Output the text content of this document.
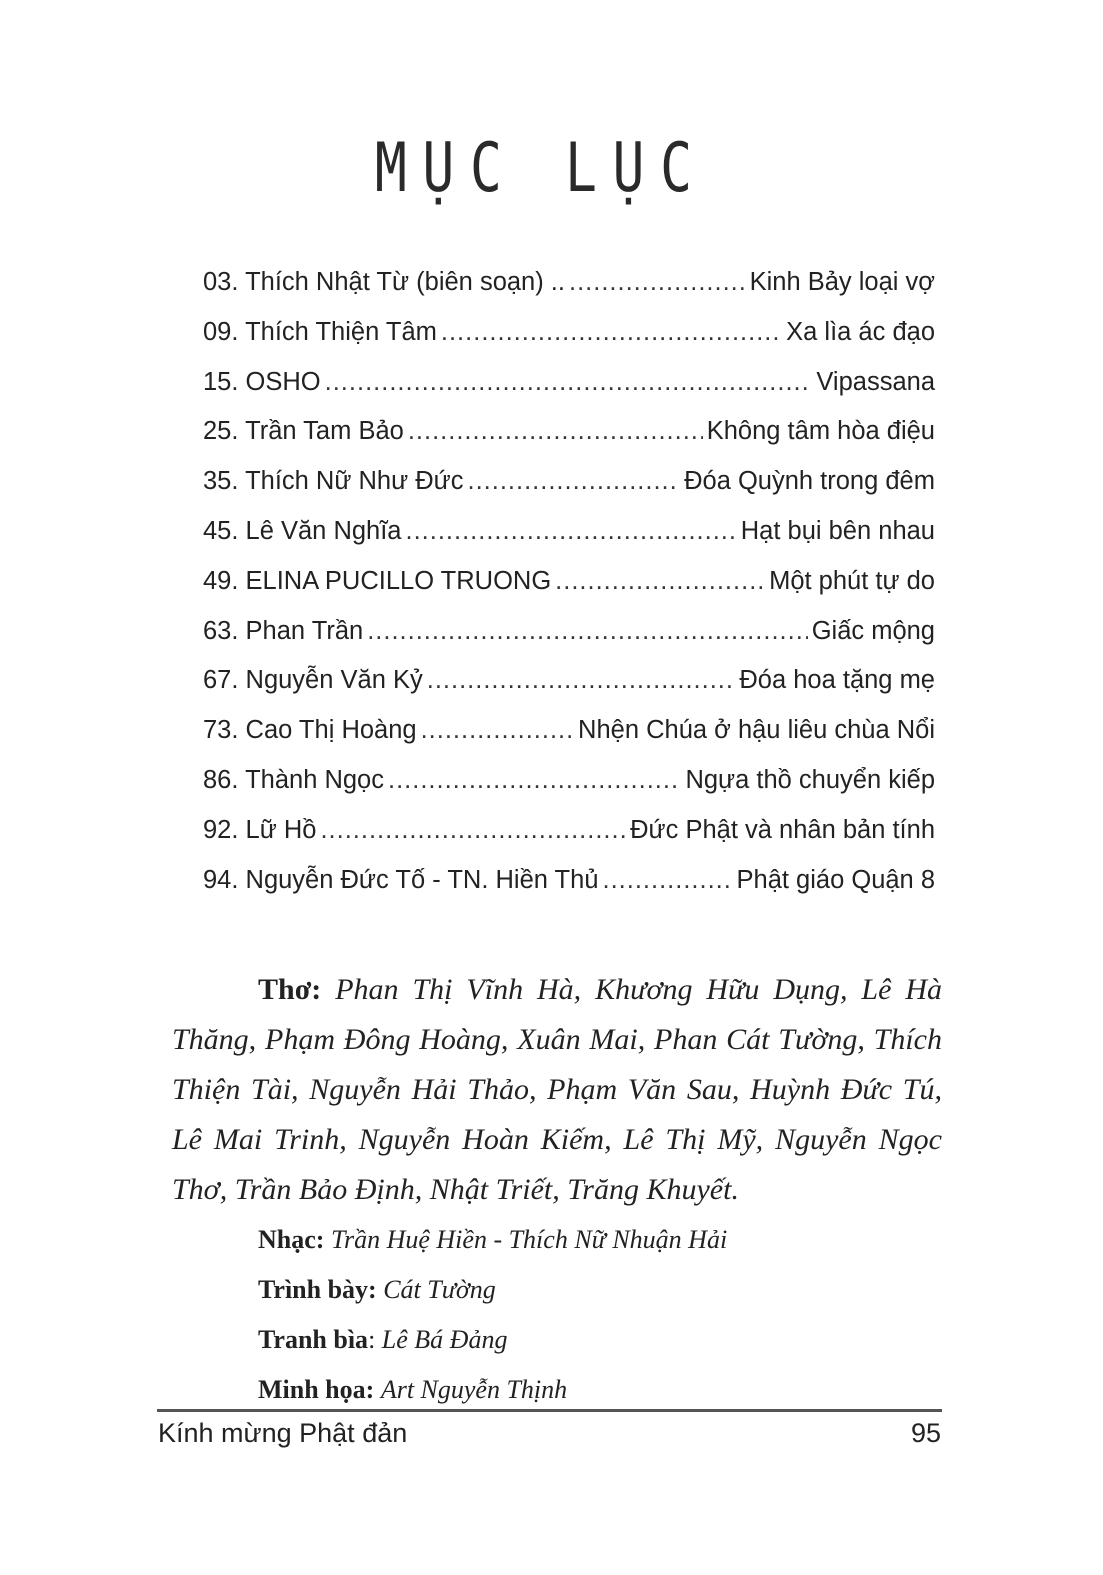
MỤC LỤC
03. Thích Nhật Từ (biên soạn) .. .....	Kinh Bảy loại vợ
09. Thích Thiện Tâm .....	Xa lìa ác đạo
15. OSHO .....	Vipassana
25. Trần Tam Bảo .....	Không tâm hòa điệu
35. Thích Nữ Như Đức .....	Đóa Quỳnh trong đêm
45. Lê Văn Nghĩa .....	Hạt bụi bên nhau
49. ELINA PUCILLO TRUONG .....	Một phút tự do
63. Phan Trần .....	Giấc mộng
67. Nguyễn Văn Kỷ .....	Đóa hoa tặng mẹ
73. Cao Thị Hoàng .....	Nhện Chúa ở hậu liêu chùa Nổi
86. Thành Ngọc .....	Ngựa thồ chuyển kiếp
92. Lữ Hồ .....	Đức Phật và nhân bản tính
94. Nguyễn Đức Tố - TN. Hiền Thủ .....	Phật giáo Quận 8

Thơ: Phan Thị Vĩnh Hà, Khương Hữu Dụng, Lê Hà Thăng, Phạm Đông Hoàng, Xuân Mai, Phan Cát Tường, Thích Thiện Tài, Nguyễn Hải Thảo, Phạm Văn Sau, Huỳnh Đức Tú, Lê Mai Trinh, Nguyễn Hoàn Kiếm, Lê Thị Mỹ, Nguyễn Ngọc Thơ, Trần Bảo Định, Nhật Triết, Trăng Khuyết.

Nhạc: Trần Huệ Hiền - Thích Nữ Nhuận Hải

Trình bày: Cát Tường

Tranh bìa: Lê Bá Đảng

Minh họa: Art Nguyễn Thịnh

Kính mừng Phật đản	95
